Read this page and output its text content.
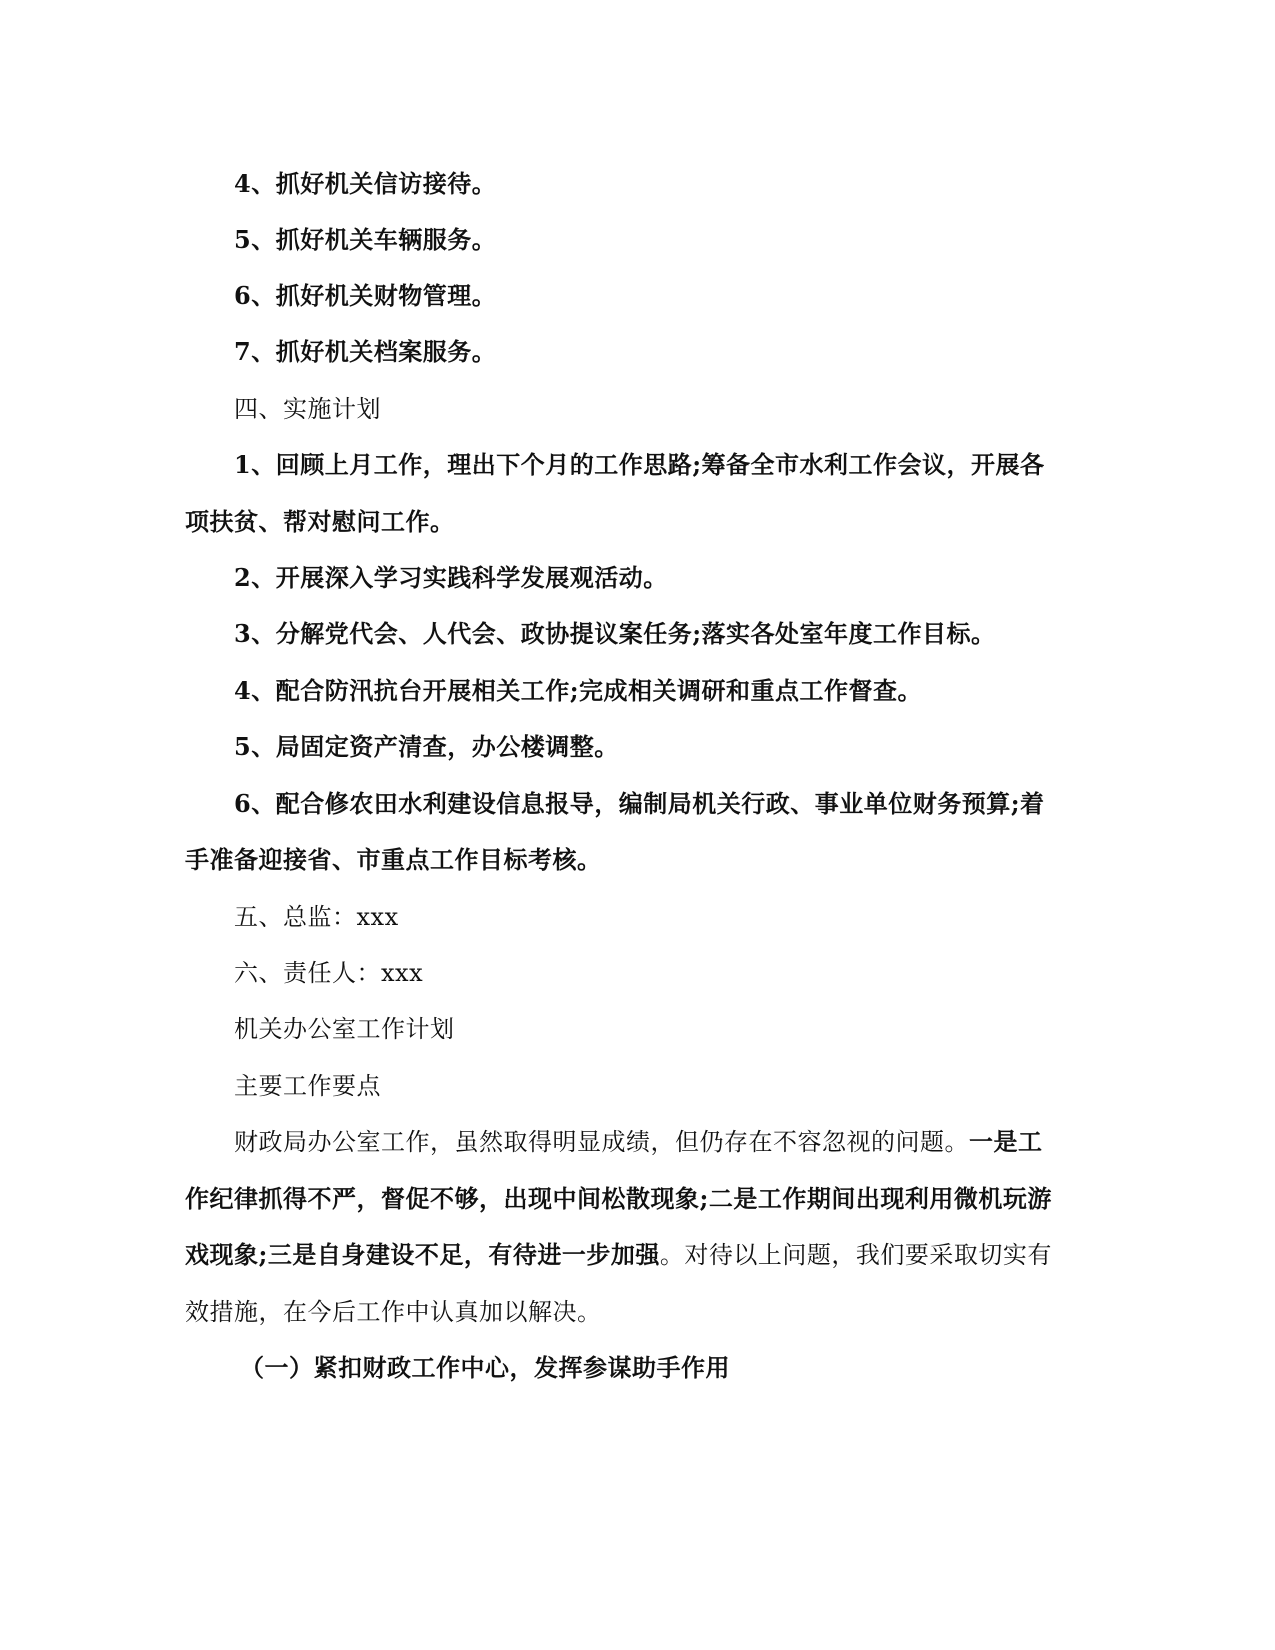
4、抓好机关信访接待。
5、抓好机关车辆服务。
6、抓好机关财物管理。
7、抓好机关档案服务。
四、实施计划
1、回顾上月工作，理出下个月的工作思路;筹备全市水利工作会议，开展各
项扶贫、帮对慰问工作。
2、开展深入学习实践科学发展观活动。
3、分解党代会、人代会、政协提议案任务;落实各处室年度工作目标。
4、配合防汛抗台开展相关工作;完成相关调研和重点工作督查。
5、局固定资产清查，办公楼调整。
6、配合修农田水利建设信息报导，编制局机关行政、事业单位财务预算;着
手准备迎接省、市重点工作目标考核。
五、总监：xxx
六、责任人：xxx
机关办公室工作计划
主要工作要点
财政局办公室工作，虽然取得明显成绩，但仍存在不容忽视的问题。一是工
作纪律抓得不严，督促不够，出现中间松散现象;二是工作期间出现利用微机玩游
戏现象;三是自身建设不足，有待进一步加强。对待以上问题，我们要采取切实有
效措施，在今后工作中认真加以解决。
（一）紧扣财政工作中心，发挥参谋助手作用
